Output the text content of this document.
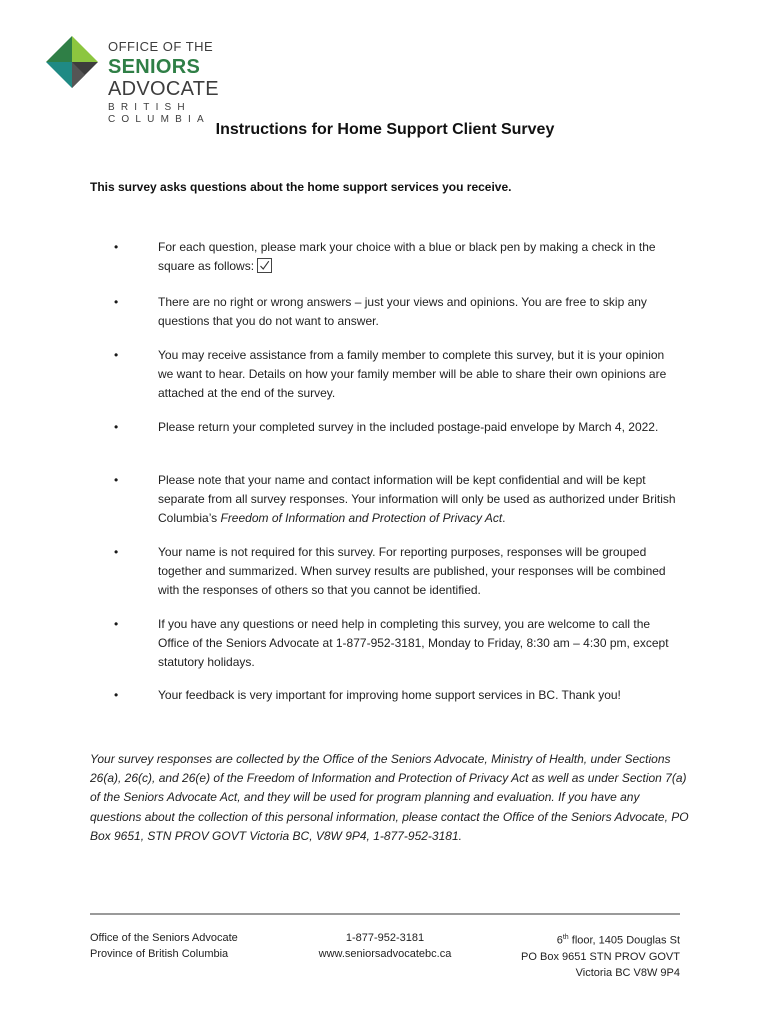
OFFICE OF THE
SENIORS ADVOCATE
BRITISH COLUMBIA
Instructions for Home Support Client Survey
This survey asks questions about the home support services you receive.
•	For each question, please mark your choice with a blue or black pen by making a check in the square as follows:
•	There are no right or wrong answers – just your views and opinions. You are free to skip any questions that you do not want to answer.
•	You may receive assistance from a family member to complete this survey, but it is your opinion we want to hear. Details on how your family member will be able to share their own opinions are attached at the end of the survey.
•	Please return your completed survey in the included postage-paid envelope by March 4, 2022.
•	Please note that your name and contact information will be kept confidential and will be kept separate from all survey responses. Your information will only be used as authorized under British Columbia’s Freedom of Information and Protection of Privacy Act.
•	Your name is not required for this survey. For reporting purposes, responses will be grouped together and summarized. When survey results are published, your responses will be combined with the responses of others so that you cannot be identified.
•	If you have any questions or need help in completing this survey, you are welcome to call the Office of the Seniors Advocate at 1-877-952-3181, Monday to Friday, 8:30 am – 4:30 pm, except statutory holidays.
•	Your feedback is very important for improving home support services in BC. Thank you!
Your survey responses are collected by the Office of the Seniors Advocate, Ministry of Health, under Sections 26(a), 26(c), and 26(e) of the Freedom of Information and Protection of Privacy Act as well as under Section 7(a) of the Seniors Advocate Act, and they will be used for program planning and evaluation. If you have any questions about the collection of this personal information, please contact the Office of the Seniors Advocate, PO Box 9651, STN PROV GOVT Victoria BC, V8W 9P4, 1-877-952-3181.
Office of the Seniors Advocate
Province of British Columbia
1-877-952-3181
www.seniorsadvocatebc.ca
6th floor, 1405 Douglas St
PO Box 9651 STN PROV GOVT
Victoria BC V8W 9P4
